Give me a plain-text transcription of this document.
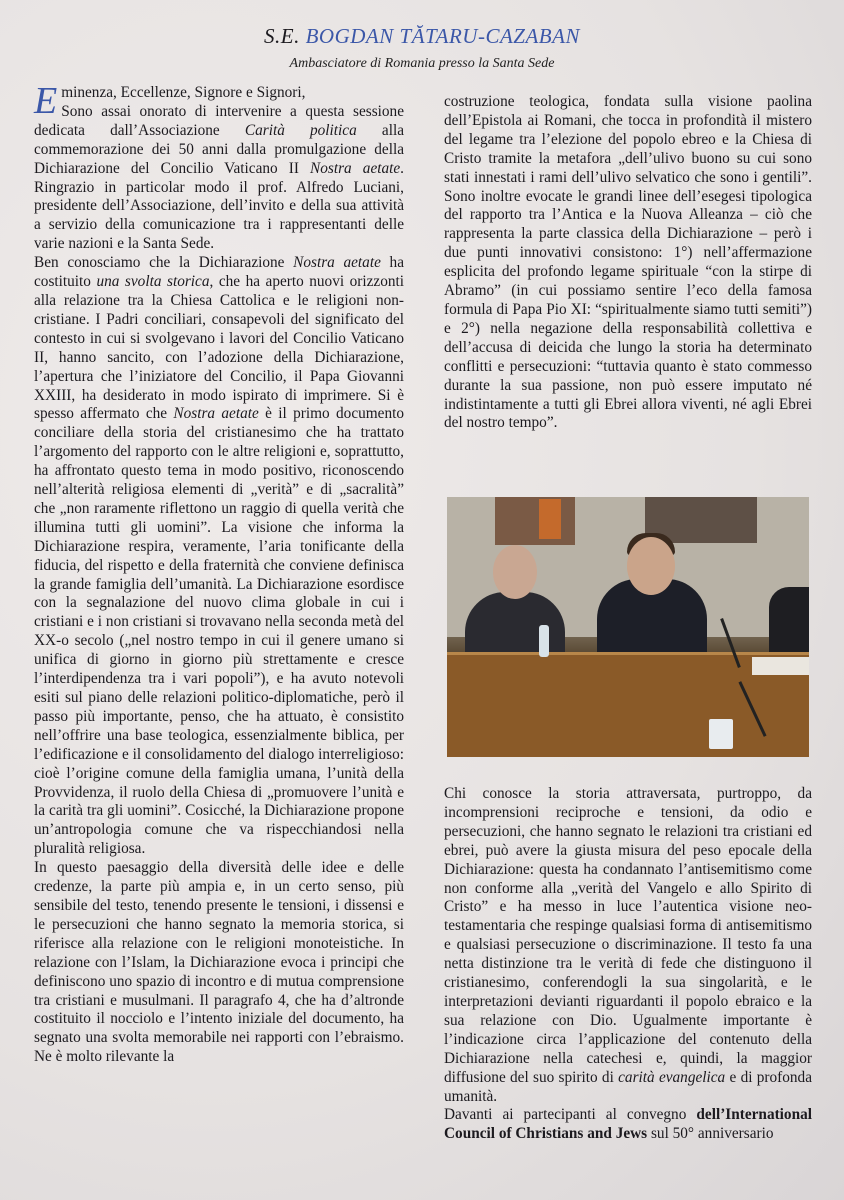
S.E. BOGDAN TĂTARU-CAZABAN
Ambasciatore di Romania presso la Santa Sede

Eminenza, Eccellenze, Signore e Signori,

Sono assai onorato di intervenire a questa sessione dedicata dall’Associazione Carità politica alla commemorazione dei 50 anni dalla promulgazione della Dichiarazione del Concilio Vaticano II Nostra aetate. Ringrazio in particolar modo il prof. Alfredo Luciani, presidente dell’Associazione, dell’invito e della sua attività a servizio della comunicazione tra i rappresentanti delle varie nazioni e la Santa Sede.

Ben conosciamo che la Dichiarazione Nostra aetate ha costituito una svolta storica, che ha aperto nuovi orizzonti alla relazione tra la Chiesa Cattolica e le religioni non-cristiane. I Padri conciliari, consapevoli del significato del contesto in cui si svolgevano i lavori del Concilio Vaticano II, hanno sancito, con l’adozione della Dichiarazione, l’apertura che l’iniziatore del Concilio, il Papa Giovanni XXIII, ha desiderato in modo ispirato di imprimere. Si è spesso affermato che Nostra aetate è il primo documento conciliare della storia del cristianesimo che ha trattato l’argomento del rapporto con le altre religioni e, soprattutto, ha affrontato questo tema in modo positivo, riconoscendo nell’alterità religiosa elementi di „verità” e di „sacralità” che „non raramente riflettono un raggio di quella verità che illumina tutti gli uomini”. La visione che informa la Dichiarazione respira, veramente, l’aria tonificante della fiducia, del rispetto e della fraternità che conviene definisca la grande famiglia dell’umanità. La Dichiarazione esordisce con la segnalazione del nuovo clima globale in cui i cristiani e i non cristiani si trovavano nella seconda metà del XX-o secolo („nel nostro tempo in cui il genere umano si unifica di giorno in giorno più strettamente e cresce l’interdipendenza tra i vari popoli”), e ha avuto notevoli esiti sul piano delle relazioni politico-diplomatiche, però il passo più importante, penso, che ha attuato, è consistito nell’offrire una base teologica, essenzialmente biblica, per l’edificazione e il consolidamento del dialogo interreligioso: cioè l’origine comune della famiglia umana, l’unità della Provvidenza, il ruolo della Chiesa di „promuovere l’unità e la carità tra gli uomini”. Cosicché, la Dichiarazione propone un’antropologia comune che va rispecchiandosi nella pluralità religiosa.

In questo paesaggio della diversità delle idee e delle credenze, la parte più ampia e, in un certo senso, più sensibile del testo, tenendo presente le tensioni, i dissensi e le persecuzioni che hanno segnato la memoria storica, si riferisce alla relazione con le religioni monoteistiche. In relazione con l’Islam, la Dichiarazione evoca i principi che definiscono uno spazio di incontro e di mutua comprensione tra cristiani e musulmani. Il paragrafo 4, che ha d’altronde costituito il nocciolo e l’intento iniziale del documento, ha segnato una svolta memorabile nei rapporti con l’ebraismo. Ne è molto rilevante la

costruzione teologica, fondata sulla visione paolina dell’Epistola ai Romani, che tocca in profondità il mistero del legame tra l’elezione del popolo ebreo e la Chiesa di Cristo tramite la metafora „dell’ulivo buono su cui sono stati innestati i rami dell’ulivo selvatico che sono i gentili”. Sono inoltre evocate le grandi linee dell’esegesi tipologica del rapporto tra l’Antica e la Nuova Alleanza – ciò che rappresenta la parte classica della Dichiarazione – però i due punti innovativi consistono: 1°) nell’affermazione esplicita del profondo legame spirituale “con la stirpe di Abramo” (in cui possiamo sentire l’eco della famosa formula di Papa Pio XI: “spiritualmente siamo tutti semiti”) e 2°) nella negazione della responsabilità collettiva e dell’accusa di deicida che lungo la storia ha determinato conflitti e persecuzioni: “tuttavia quanto è stato commesso durante la sua passione, non può essere imputato né indistintamente a tutti gli Ebrei allora viventi, né agli Ebrei del nostro tempo”.

Chi conosce la storia attraversata, purtroppo, da incomprensioni reciproche e tensioni, da odio e persecuzioni, che hanno segnato le relazioni tra cristiani ed ebrei, può avere la giusta misura del peso epocale della Dichiarazione: questa ha condannato l’antisemitismo come non conforme alla „verità del Vangelo e allo Spirito di Cristo” e ha messo in luce l’autentica visione neo-testamentaria che respinge qualsiasi forma di antisemitismo e qualsiasi persecuzione o discriminazione. Il testo fa una netta distinzione tra le verità di fede che distinguono il cristianesimo, conferendogli la sua singolarità, e le interpretazioni devianti riguardanti il popolo ebraico e la sua relazione con Dio. Ugualmente importante è l’indicazione circa l’applicazione del contenuto della Dichiarazione nella catechesi e, quindi, la maggior diffusione del suo spirito di carità evangelica e di profonda umanità.

Davanti ai partecipanti al convegno dell’International Council of Christians and Jews sul 50° anniversario
